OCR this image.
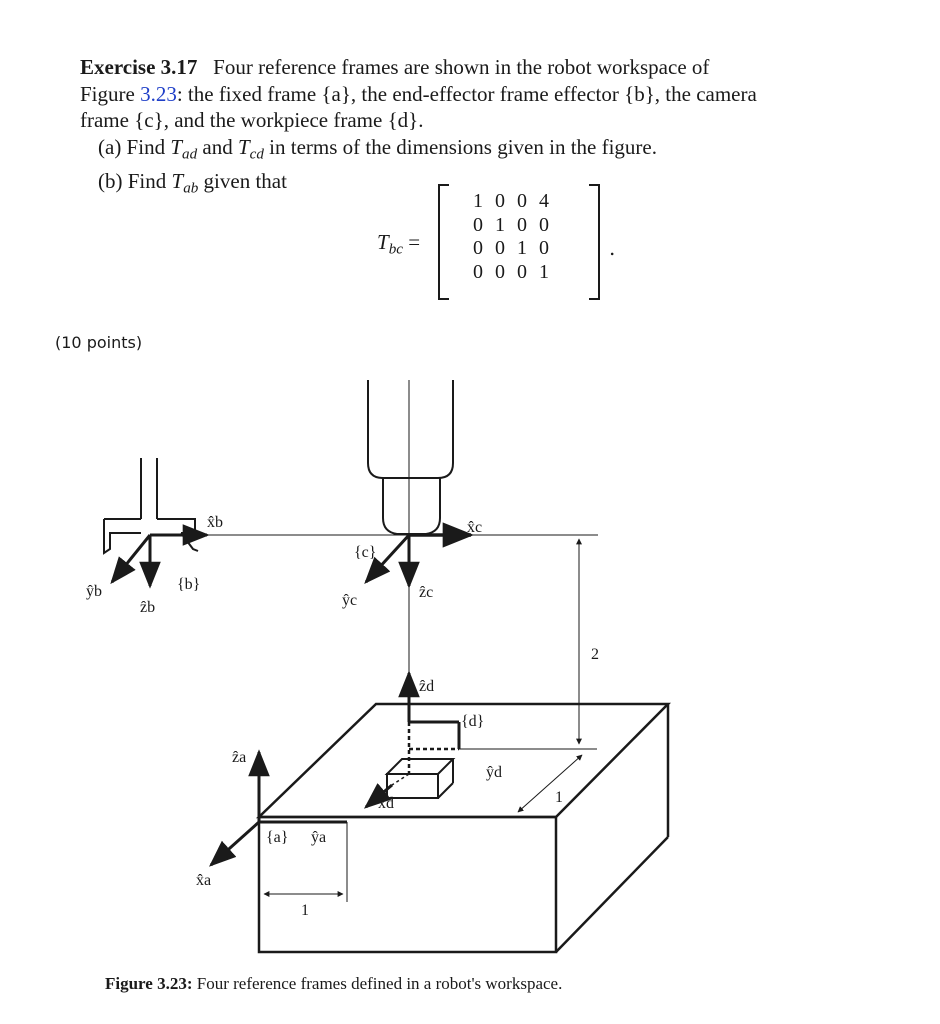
Exercise 3.17 Four reference frames are shown in the robot workspace of
Figure 3.23: the fixed frame {a}, the end-effector frame effector {b}, the camera
frame {c}, and the workpiece frame {d}.
(a) Find $T_{ad}$ and $T_{cd}$ in terms of the dimensions given in the figure.
(b) Find $T_{ab}$ given that
$T_{bc}$ =
1 0 0 4
0 1 0 0
0 0 1 0
0 0 0 1
.
(10 points)
x̂b
ŷb
ẑb
{b}
{c}
x̂c
ŷc	ẑc
2
1
ẑd
{d}
ŷd
x̂d
ẑa
{a} ŷa
x̂a
1
Figure 3.23: Four reference frames defined in a robot's workspace.
